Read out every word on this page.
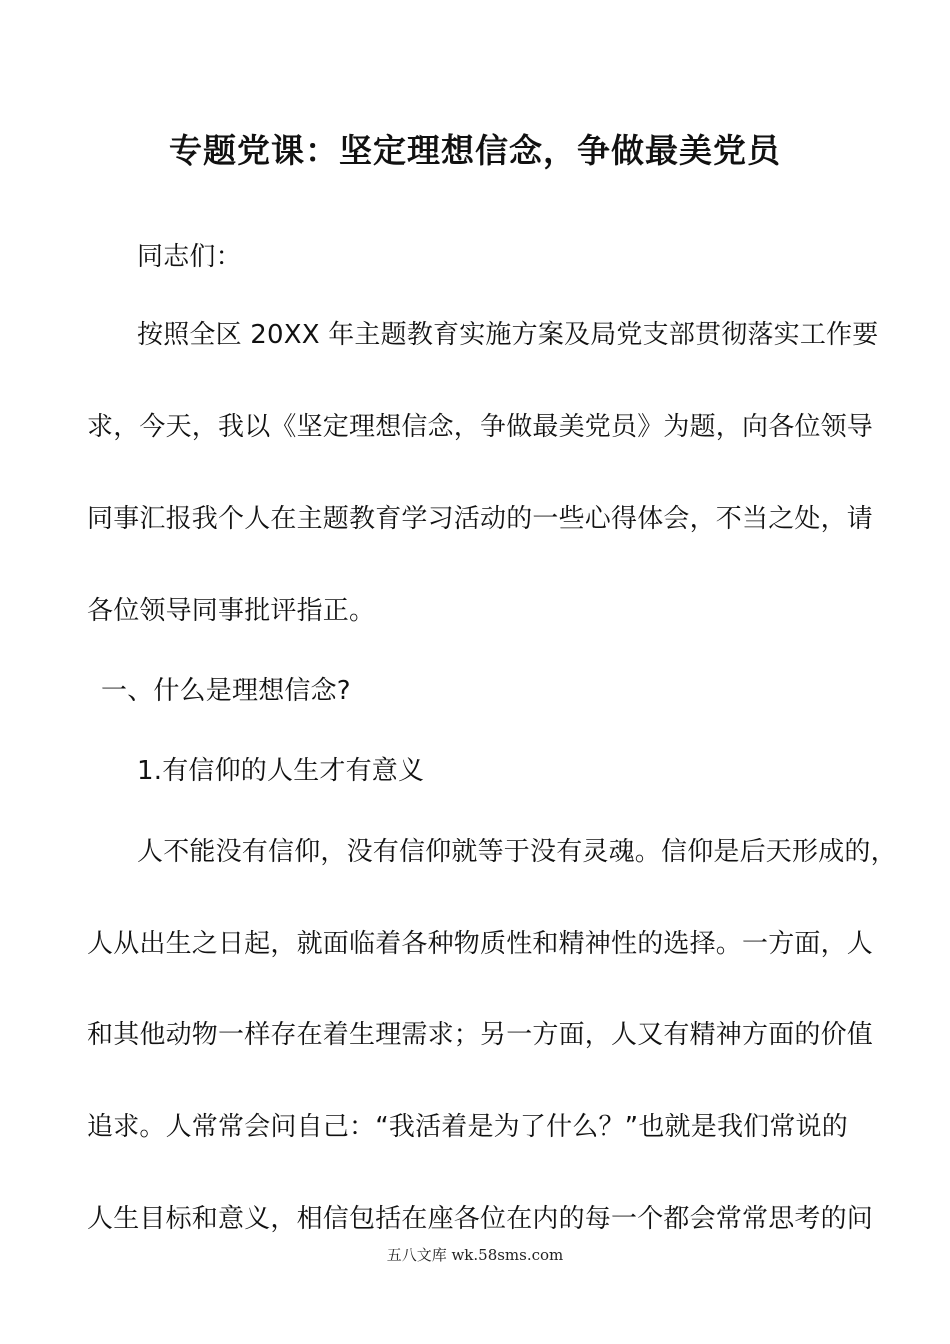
专题党课：坚定理想信念，争做最美党员
同志们：
按照全区 20XX 年主题教育实施方案及局党支部贯彻落实工作要
求，今天，我以《坚定理想信念，争做最美党员》为题，向各位领导
同事汇报我个人在主题教育学习活动的一些心得体会，不当之处，请
各位领导同事批评指正。
一、什么是理想信念?
1.有信仰的人生才有意义
人不能没有信仰，没有信仰就等于没有灵魂。信仰是后天形成的，
人从出生之日起，就面临着各种物质性和精神性的选择。一方面，人
和其他动物一样存在着生理需求；另一方面，人又有精神方面的价值
追求。人常常会问自己：“我活着是为了什么？”也就是我们常说的
人生目标和意义，相信包括在座各位在内的每一个都会常常思考的问
五八文库 wk.58sms.com
